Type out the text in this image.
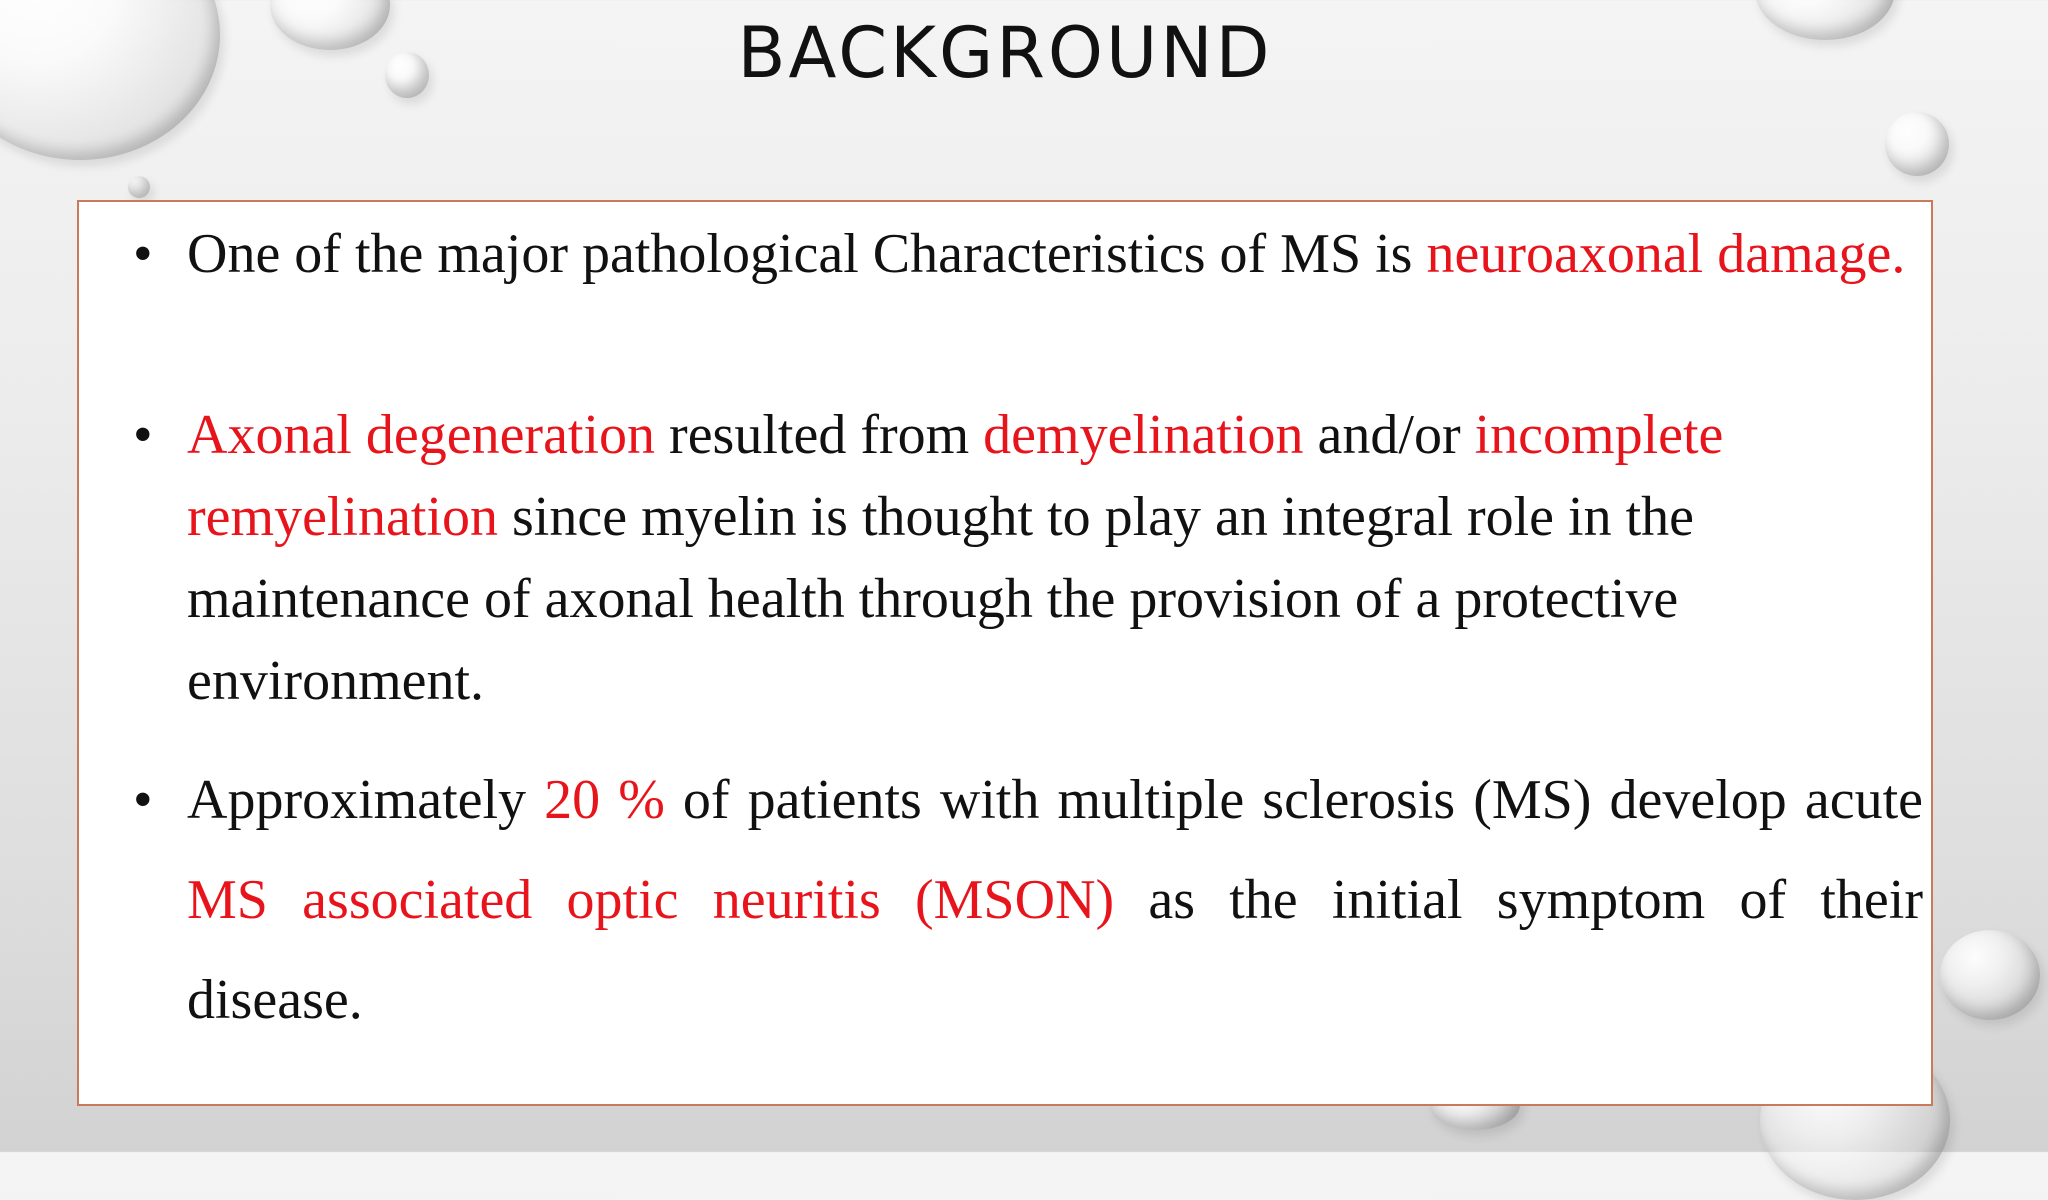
BACKGROUND
• One of the major pathological Characteristics of MS is neuroaxonal damage.
• Axonal degeneration resulted from demyelination and/or incomplete remyelination since myelin is thought to play an integral role in the maintenance of axonal health through the provision of a protective environment.
• Approximately 20 % of patients with multiple sclerosis (MS) develop acute MS associated optic neuritis (MSON) as the initial symptom of their disease.
